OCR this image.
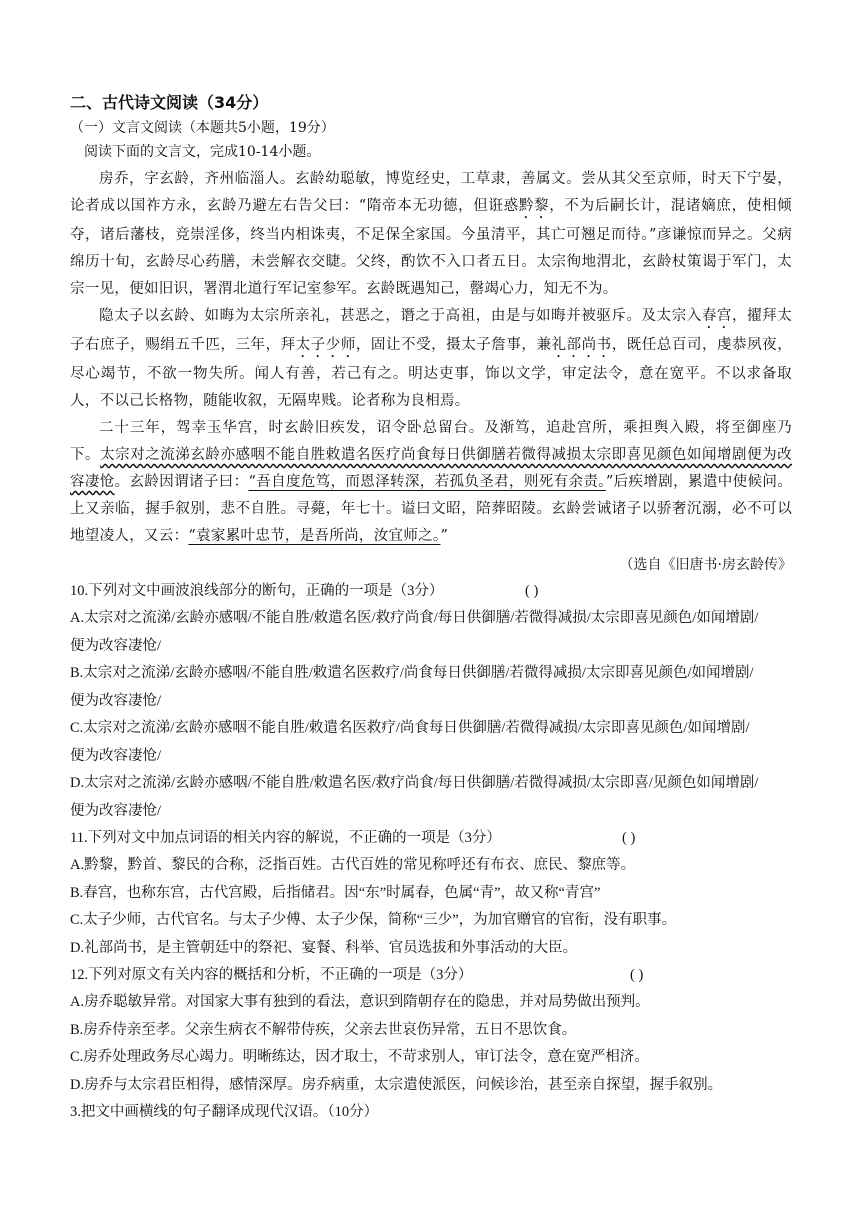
二、古代诗文阅读（34分）

（一）文言文阅读（本题共5小题，19分）

阅读下面的文言文，完成10-14小题。

房乔，字玄龄，齐州临淄人。玄龄幼聪敏，博览经史，工草隶，善属文。尝从其父至京师，时天下宁晏，论者成以国祚方永，玄龄乃避左右告父曰：“隋帝本无功德，但诳惑黔黎，不为后嗣长计，混诸嫡庶，使相倾夺，诸后藩枝，竞崇淫侈，终当内相诛夷，不足保全家国。今虽清平，其亡可翘足而待。”彦谦惊而异之。父病绵历十旬，玄龄尽心药膳，未尝解衣交睫。父终，酌饮不入口者五日。太宗徇地渭北，玄龄杖策谒于军门，太宗一见，便如旧识，署渭北道行军记室参军。玄龄既遇知己，罄竭心力，知无不为。

隐太子以玄龄、如晦为太宗所亲礼，甚恶之，谮之于高祖，由是与如晦并被驱斥。及太宗入春宫，擢拜太子右庶子，赐绢五千匹，三年，拜太子少师，固让不受，摄太子詹事，兼礼部尚书，既任总百司，虔恭夙夜，尽心竭节，不欲一物失所。闻人有善，若己有之。明达吏事，饰以文学，审定法令，意在宽平。不以求备取人，不以己长格物，随能收叙，无隔卑贱。论者称为良相焉。

二十三年，驾幸玉华宫，时玄龄旧疾发，诏令卧总留台。及渐笃，追赴宫所，乘担舆入殿，将至御座乃下。太宗对之流涕玄龄亦感咽不能自胜敕遣名医疗尚食每日供御膳若微得减损太宗即喜见颜色如闻增剧便为改容凄怆。玄龄因谓诸子曰：“吾自度危笃，而恩泽转深，若孤负圣君，则死有余责。”后疾增剧，累遣中使候问。上又亲临，握手叙别，悲不自胜。寻薨，年七十。谥曰文昭，陪葬昭陵。玄龄尝诫诸子以骄奢沉溺，必不可以地望凌人，又云：“袁家累叶忠节，是吾所尚，汝宜师之。”

（选自《旧唐书·房玄龄传》

10.下列对文中画波浪线部分的断句，正确的一项是（3分）	( )

A.太宗对之流涕/玄龄亦感咽/不能自胜/敕遣名医/救疗尚食/每日供御膳/若微得减损/太宗即喜见颜色/如闻增剧/

便为改容凄怆/

B.太宗对之流涕/玄龄亦感咽/不能自胜/敕遣名医救疗/尚食每日供御膳/若微得减损/太宗即喜见颜色/如闻增剧/

便为改容凄怆/

C.太宗对之流涕/玄龄亦感咽不能自胜/敕遣名医救疗/尚食每日供御膳/若微得减损/太宗即喜见颜色/如闻增剧/

便为改容凄怆/

D.太宗对之流涕/玄龄亦感咽/不能自胜/敕遣名医/救疗尚食/每日供御膳/若微得减损/太宗即喜/见颜色如闻增剧/

便为改容凄怆/

11.下列对文中加点词语的相关内容的解说，不正确的一项是（3分）	( )

A.黔黎，黔首、黎民的合称，泛指百姓。古代百姓的常见称呼还有布衣、庶民、黎庶等。

B.春宫，也称东宫，古代宫殿，后指储君。因“东”时属春，色属“青”，故又称“青宫”

C.太子少师，古代官名。与太子少傅、太子少保，简称“三少”，为加官赠官的官衔，没有职事。

D.礼部尚书，是主管朝廷中的祭祀、宴餐、科举、官员选拔和外事活动的大臣。

12.下列对原文有关内容的概括和分析，不正确的一项是（3分）	( )

A.房乔聪敏异常。对国家大事有独到的看法，意识到隋朝存在的隐患，并对局势做出预判。

B.房乔侍亲至孝。父亲生病衣不解带侍疾，父亲去世哀伤异常，五日不思饮食。

C.房乔处理政务尽心竭力。明晰练达，因才取士，不苛求别人，审订法令，意在宽严相济。

D.房乔与太宗君臣相得，感情深厚。房乔病重，太宗遣使派医，问候诊治，甚至亲自探望，握手叙别。

3.把文中画横线的句子翻译成现代汉语。（10分）
